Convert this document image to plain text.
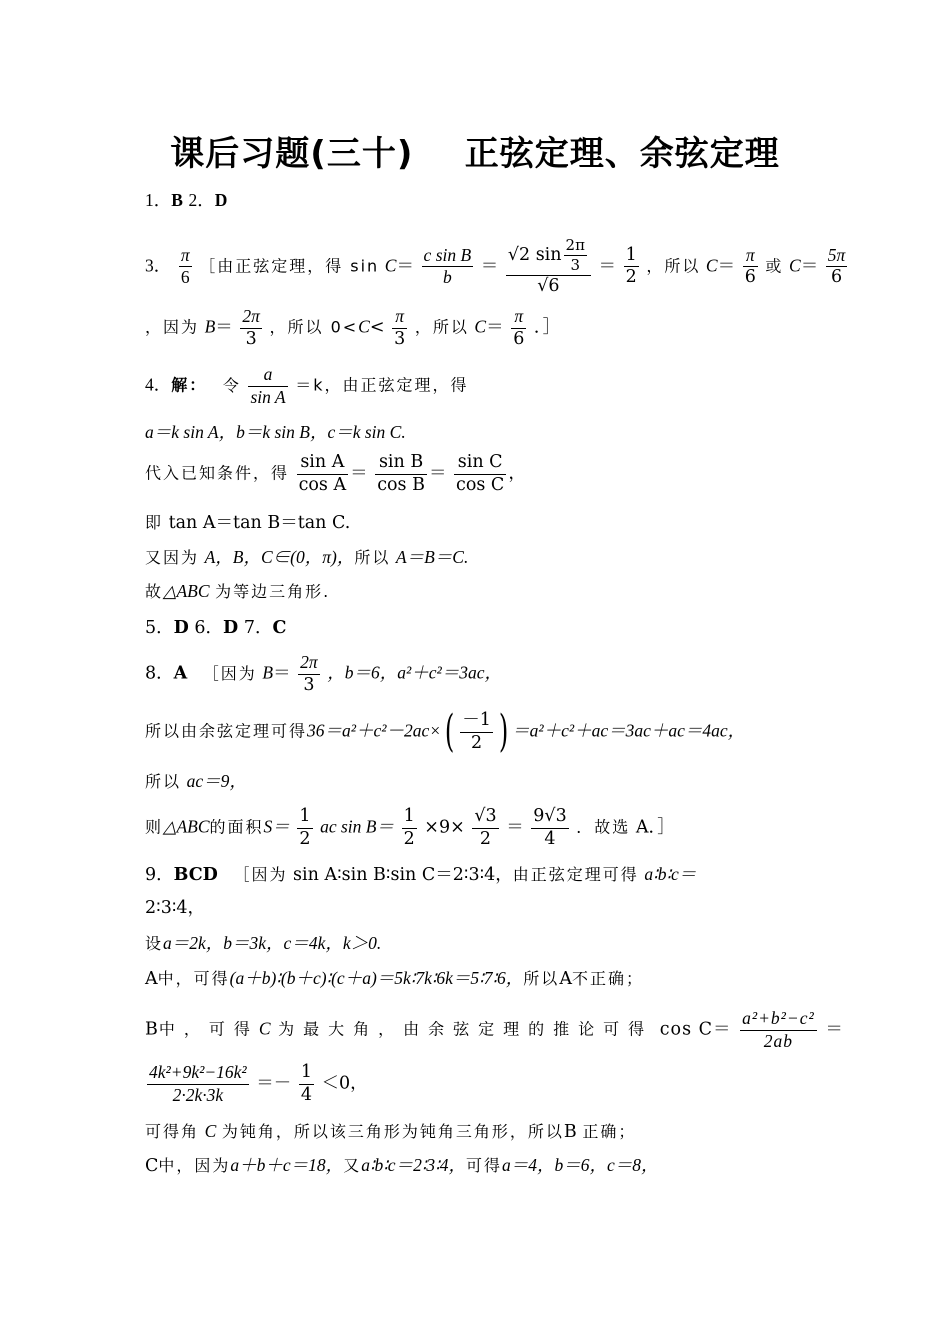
课后习题(三十)    正弦定理、余弦定理
1．B 2．D
3． $\frac{\pi}{6}$ ［由正弦定理，得 $\sin C= \frac{\text{c sin B}}{b} = \frac{√2 \sin \frac{2\pi}{3}}{√6} = \frac{1}{2}$ ，所以 $C= \frac{\pi}{6}$ 或 $C= \frac{5\pi}{6}$
，因为 $B= \frac{2\pi}{3}$ ，所以 $0<C< \frac{\pi}{3}$ ，所以 $C= \frac{\pi}{6}$ ．］
4．解： 令 $\frac{a}{\text{sin A}} =k$，由正弦定理，得
a＝k sin A，b＝k sin B，c＝k sin C.
代入已知条件，得 $\frac{\text{sin A}}{\text{cos A}} = \frac{\text{sin B}}{\text{cos B}} = \frac{\text{sin C}}{\text{cos C}}$ ，
即 tan A＝tan B＝tan C.
又因为 A，B，C∈(0，π)，所以 A＝B＝C.
故△ABC 为等边三角形.
5．D 6．D 7．C
8．A ［因为 $B= \frac{2\pi}{3}$ ，b＝6，a²＋c²＝3ac，
所以由余弦定理可得$36=a^2+c^2-2ac\times( \frac{-1}{2}$ ) ＝a²＋c²＋ac＝3ac＋ac＝4ac，
所以 ac＝9，
则△ABC的面积$S= \frac{1}{2}$ ac $\sin B= \frac{1}{2} \times 9\times \frac{√3}{2} = \frac{9√3}{4}$ ．故选 A．］
9．BCD ［因为 sin A∶sin B∶sin C＝2∶3∶4，由正弦定理可得 a∶b∶c＝
2∶3∶4，
设a＝2k，b＝3k，c＝4k，k＞0.
A中，可得(a＋b)∶(b＋c)∶(c＋a)＝5k∶7k∶6k＝5∶7∶6，所以A不正确；
B中，可得C 为最大角，由余弦定理的推论可得 $\cos C= \frac{\text{a²+b²−c²}}{2ab}$ ＝
$\frac{\text{4k²+9k²−16k²}}{2\cdot 2k\cdot 3k} =- \frac{1}{4} <0$，
可得角 C 为钝角，所以该三角形为钝角三角形，所以B 正确；
C中，因为a＋b＋c＝18，又a∶b∶c＝2∶3∶4，可得a＝4，b＝6，c＝8，
